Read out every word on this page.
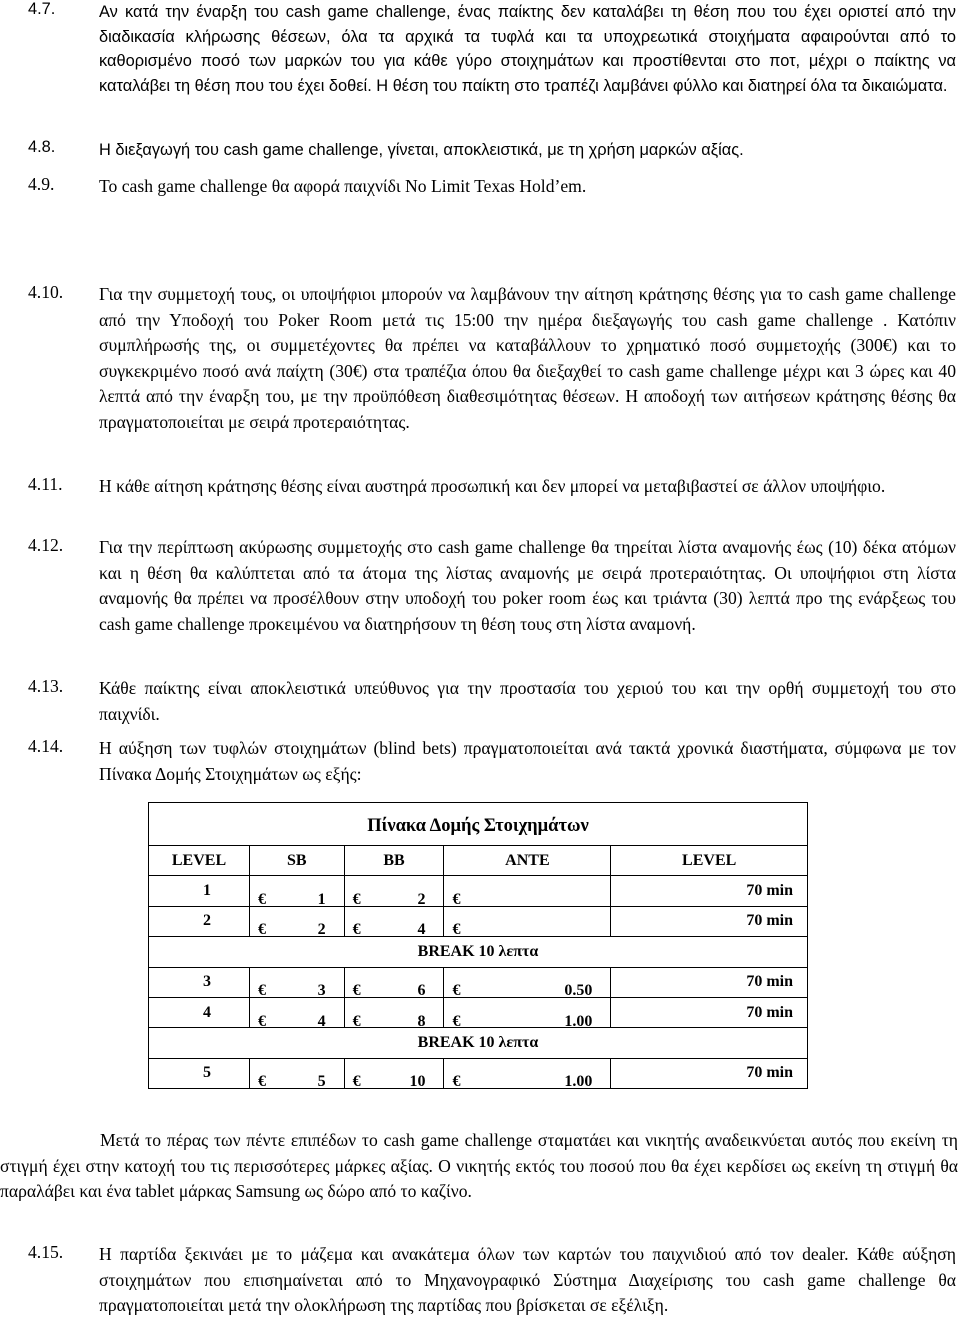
4.7.	Αν κατά την έναρξη του cash game challenge, ένας παίκτης δεν καταλάβει τη θέση που του έχει οριστεί από την διαδικασία κλήρωσης θέσεων, όλα τα αρχικά τα τυφλά και τα υποχρεωτικά στοιχήματα αφαιρούνται από το καθορισμένο ποσό των μαρκών του για κάθε γύρο στοιχημάτων και προστίθενται στο ποτ, μέχρι ο παίκτης να καταλάβει τη θέση που του έχει δοθεί. Η θέση του παίκτη στο τραπέζι λαμβάνει φύλλο και διατηρεί όλα τα δικαιώματα.
4.8.	Η διεξαγωγή του cash game challenge, γίνεται, αποκλειστικά, με τη χρήση μαρκών αξίας.
4.9.	Το cash game challenge θα αφορά παιχνίδι No Limit Texas Hold’em.
4.10. Για την συμμετοχή τους, οι υποψήφιοι μπορούν να λαμβάνουν την αίτηση κράτησης θέσης για το cash game challenge από την Υποδοχή του Poker Room μετά τις 15:00 την ημέρα διεξαγωγής του cash game challenge . Κατόπιν συμπλήρωσής της, οι συμμετέχοντες θα πρέπει να καταβάλλουν το χρηματικό ποσό συμμετοχής (300€) και το συγκεκριμένο ποσό ανά παίχτη (30€) στα τραπέζια όπου θα διεξαχθεί το cash game challenge μέχρι και 3 ώρες και 40 λεπτά από την έναρξη του, με την προϋπόθεση διαθεσιμότητας θέσεων. Η αποδοχή των αιτήσεων κράτησης θέσης θα πραγματοποιείται με σειρά προτεραιότητας.
4.11. Η κάθε αίτηση κράτησης θέσης είναι αυστηρά προσωπική και δεν μπορεί να μεταβιβαστεί σε άλλον υποψήφιο.
4.12. Για την περίπτωση ακύρωσης συμμετοχής στο cash game challenge θα τηρείται λίστα αναμονής έως (10) δέκα ατόμων και η θέση θα καλύπτεται από τα άτομα της λίστας αναμονής με σειρά προτεραιότητας. Οι υποψήφιοι στη λίστα αναμονής θα πρέπει να προσέλθουν στην υποδοχή του poker room έως και τριάντα (30) λεπτά προ της ενάρξεως του cash game challenge προκειμένου να διατηρήσουν τη θέση τους στη λίστα αναμονή.
4.13. Κάθε παίκτης είναι αποκλειστικά υπεύθυνος για την προστασία του χεριού του και την ορθή συμμετοχή του στο παιχνίδι.
4.14. Η αύξηση των τυφλών στοιχημάτων (blind bets) πραγματοποιείται ανά τακτά χρονικά διαστήματα, σύμφωνα με τον Πίνακα Δομής Στοιχημάτων ως εξής:
Πίνακα Δομής Στοιχημάτων				
LEVEL	SB	BB	ANTE	LEVEL
1	€ 1	€ 2	€	70 min
2	€ 2	€ 4	€	70 min
BREAK 10 λεπτα				
3	€ 3	€ 6	€ 0.50	70 min
4	€ 4	€ 8	€ 1.00	70 min
BREAK 10 λεπτα				
5	€ 5	€ 10	€ 1.00	70 min
Μετά το πέρας των πέντε επιπέδων το cash game challenge σταματάει και νικητής αναδεικνύεται αυτός που εκείνη τη στιγμή έχει στην κατοχή του τις περισσότερες μάρκες αξίας. Ο νικητής εκτός του ποσού που θα έχει κερδίσει ως εκείνη τη στιγμή θα παραλάβει και ένα tablet μάρκας Samsung ως δώρο από το καζίνο.
4.15. Η παρτίδα ξεκινάει με το μάζεμα και ανακάτεμα όλων των καρτών του παιχνιδιού από τον dealer. Κάθε αύξηση στοιχημάτων που επισημαίνεται από το Μηχανογραφικό Σύστημα Διαχείρισης του cash game challenge θα πραγματοποιείται μετά την ολοκλήρωση της παρτίδας που βρίσκεται σε εξέλιξη.
